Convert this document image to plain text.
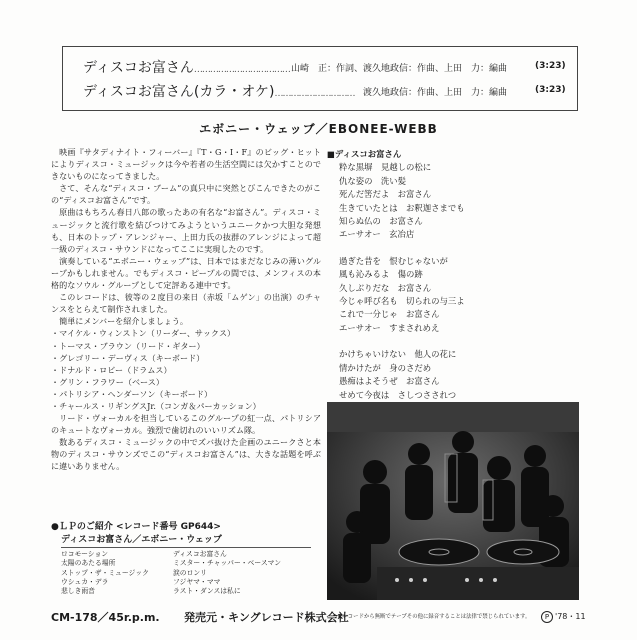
ディスコお富さん……………………………… 山崎　正：作詞、渡久地政信：作曲、上田　力：編曲	(3:23)
ディスコお富さん(カラ・オケ)………………………… 渡久地政信：作曲、上田　力：編曲	(3:23)
エボニー・ウェッブ／EBONEE-WEBB

映画『サタディナイト・フィーバー』『T・G・I・F』のビッグ・ヒットによりディスコ・ミュージックは今や若者の生活空間には欠かすことのできないものになってきました。

さて、そんな“ディスコ・ブーム”の真只中に突然とびこんできたのがこの“ディスコお富さん”です。

原曲はもちろん春日八郎の歌ったあの有名な“お富さん”。ディスコ・ミュージックと流行歌を結びつけてみようというユニークかつ大胆な発想も、日本のトップ・アレンジャー、上田力氏の抜群のアレンジによって超一級のディスコ・サウンドになってここに実現したのです。

演奏している“エボニー・ウェッブ”は、日本ではまだなじみの薄いグループかもしれません。でもディスコ・ピープルの間では、メンフィスの本格的なソウル・グループとして定評ある連中です。

このレコードは、彼等の２度目の来日（赤坂「ムゲン」の出演）のチャンスをとらえて制作されました。

簡単にメンバーを紹介しましょう。

・マイケル・ウィンストン（リーダー、サックス）
・トーマス・ブラウン（リード・ギター）
・グレゴリー・デーヴィス（キーボード）
・ドナルド・ロビー（ドラムス）
・グリン・フラワー（ベース）
・パトリシア・ヘンダーソン（キーボード）
・チャールス・リギングスJr.（コンガ＆パーカッション）

リード・ヴォーカルを担当しているこのグループの紅一点、パトリシアのキュートなヴォーカル。強烈で歯切れのいいリズム隊。

数あるディスコ・ミュージックの中でズバ抜けた企画のユニークさと本物のディスコ・サウンズでこの“ディスコお富さん”は、大きな話題を呼ぶに違いありません。

■ディスコお富さん
粋な黒塀　見越しの松に
仇な姿の　洗い髪
死んだ筈だよ　お富さん
生きていたとは　お釈迦さまでも
知らぬ仏の　お富さん
エーサオー　玄冶店
過ぎた昔を　恨むじゃないが
風も沁みるよ　傷の跡
久しぶりだな　お富さん
今じゃ呼び名も　切られの与三よ
これで一分じゃ　お富さん
エーサオー　すまされめえ
かけちゃいけない　他人の花に
情かけたが　身のさだめ
愚痴はよそうぜ　お富さん
せめて今夜は　さしつさされつ
●ＬＰのご紹介 <レコード番号 GP644>
ディスコお富さん／エボニー・ウェッブ
ロコモーション	ディスコお富さん
太陽のあたる場所	ミスター・チャッパー・ベースマン
ストップ・ザ・ミュージック	涙のロンリ
ウシュカ・デラ	フジヤマ・ママ
悲しき雨音	ラスト・ダンスは私に
CM-178／45r.p.m. 発売元・キングレコード株式会社
★レコードから無断でテープその他に録音することは法律で禁じられています。	P '78・11
